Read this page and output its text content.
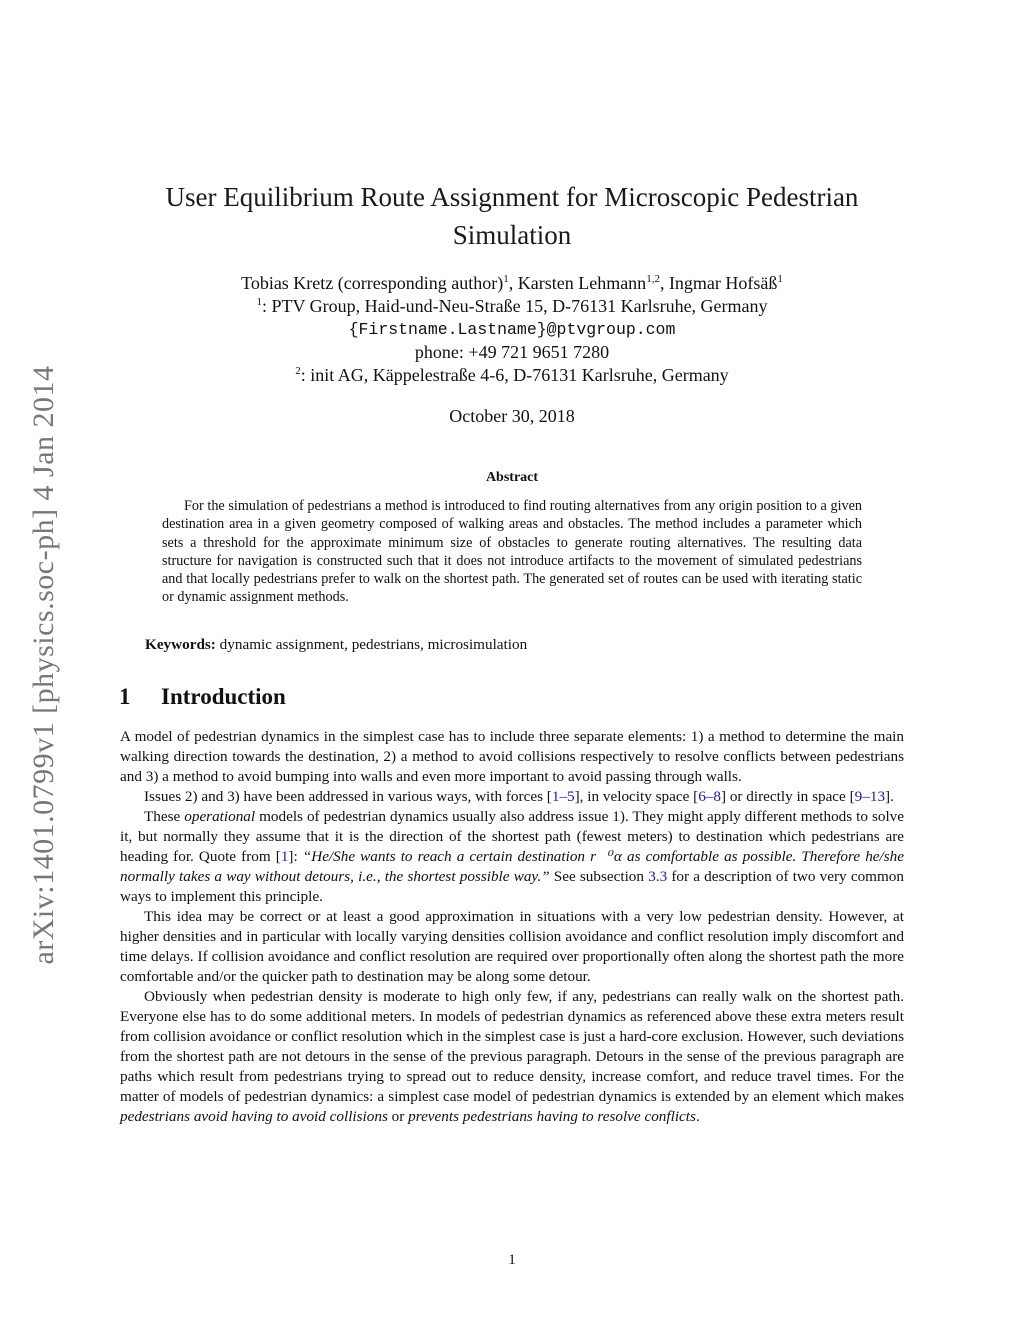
arXiv:1401.0799v1 [physics.soc-ph] 4 Jan 2014
User Equilibrium Route Assignment for Microscopic Pedestrian
Simulation
Tobias Kretz (corresponding author)$^1$, Karsten Lehmann$^{1,2}$, Ingmar Hofsäß$^1$
$^1$: PTV Group, Haid-und-Neu-Straße 15, D-76131 Karlsruhe, Germany
{Firstname.Lastname}@ptvgroup.com
phone: +49 721 9651 7280
$^2$: init AG, Käppelestraße 4-6, D-76131 Karlsruhe, Germany
October 30, 2018
Abstract
For the simulation of pedestrians a method is introduced to find routing alternatives from any origin position to a given destination area in a given geometry composed of walking areas and obstacles. The method includes a parameter which sets a threshold for the approximate minimum size of obstacles to generate routing alternatives. The resulting data structure for navigation is constructed such that it does not introduce artifacts to the movement of simulated pedestrians and that locally pedestrians prefer to walk on the shortest path. The generated set of routes can be used with iterating static or dynamic assignment methods.
Keywords: dynamic assignment, pedestrians, microsimulation
1 Introduction

A model of pedestrian dynamics in the simplest case has to include three separate elements: 1) a method to determine the main walking direction towards the destination, 2) a method to avoid collisions respectively to resolve conflicts between pedestrians and 3) a method to avoid bumping into walls and even more important to avoid passing through walls.

Issues 2) and 3) have been addressed in various ways, with forces [1–5], in velocity space [6–8] or directly in space [9–13].

These operational models of pedestrian dynamics usually also address issue 1). They might apply different methods to solve it, but normally they assume that it is the direction of the shortest path (fewest meters) to destination which pedestrians are heading for. Quote from [1]: “He/She wants to reach a certain destination r⃗⁰α as comfortable as possible. Therefore he/she normally takes a way without detours, i.e., the shortest possible way.” See subsection 3.3 for a description of two very common ways to implement this principle.

This idea may be correct or at least a good approximation in situations with a very low pedestrian density. However, at higher densities and in particular with locally varying densities collision avoidance and conflict resolution imply discomfort and time delays. If collision avoidance and conflict resolution are required over proportionally often along the shortest path the more comfortable and/or the quicker path to destination may be along some detour.

Obviously when pedestrian density is moderate to high only few, if any, pedestrians can really walk on the shortest path. Everyone else has to do some additional meters. In models of pedestrian dynamics as referenced above these extra meters result from collision avoidance or conflict resolution which in the simplest case is just a hard-core exclusion. However, such deviations from the shortest path are not detours in the sense of the previous paragraph. Detours in the sense of the previous paragraph are paths which result from pedestrians trying to spread out to reduce density, increase comfort, and reduce travel times. For the matter of models of pedestrian dynamics: a simplest case model of pedestrian dynamics is extended by an element which makes pedestrians avoid having to avoid collisions or prevents pedestrians having to resolve conflicts.

1
